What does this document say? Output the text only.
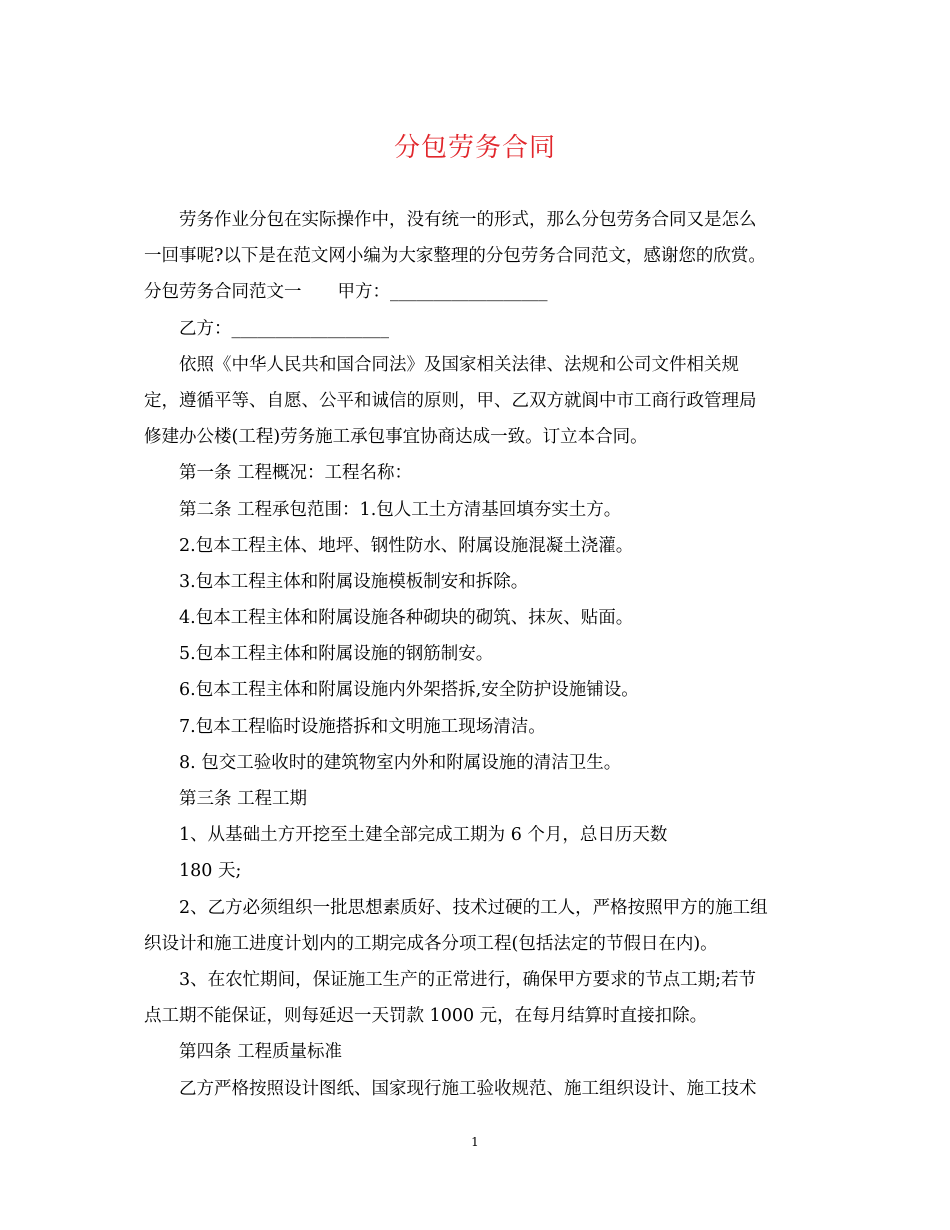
分包劳务合同
劳务作业分包在实际操作中，没有统一的形式，那么分包劳务合同又是怎么
一回事呢?以下是在范文网小编为大家整理的分包劳务合同范文，感谢您的欣赏。
分包劳务合同范文一 甲方：__________________
乙方：__________________
依照《中华人民共和国合同法》及国家相关法律、法规和公司文件相关规
定，遵循平等、自愿、公平和诚信的原则，甲、乙双方就阆中市工商行政管理局
修建办公楼(工程)劳务施工承包事宜协商达成一致。订立本合同。
第一条 工程概况：工程名称：
第二条 工程承包范围：1.包人工土方清基回填夯实土方。
2.包本工程主体、地坪、钢性防水、附属设施混凝土浇灌。
3.包本工程主体和附属设施模板制安和拆除。
4.包本工程主体和附属设施各种砌块的砌筑、抹灰、贴面。
5.包本工程主体和附属设施的钢筋制安。
6.包本工程主体和附属设施内外架搭拆,安全防护设施铺设。
7.包本工程临时设施搭拆和文明施工现场清洁。
8. 包交工验收时的建筑物室内外和附属设施的清洁卫生。
第三条 工程工期
1、从基础土方开挖至土建全部完成工期为 6 个月，总日历天数
180 天;
2、乙方必须组织一批思想素质好、技术过硬的工人，严格按照甲方的施工组
织设计和施工进度计划内的工期完成各分项工程(包括法定的节假日在内)。
3、在农忙期间，保证施工生产的正常进行，确保甲方要求的节点工期;若节
点工期不能保证，则每延迟一天罚款 1000 元，在每月结算时直接扣除。
第四条 工程质量标准
乙方严格按照设计图纸、国家现行施工验收规范、施工组织设计、施工技术
1
